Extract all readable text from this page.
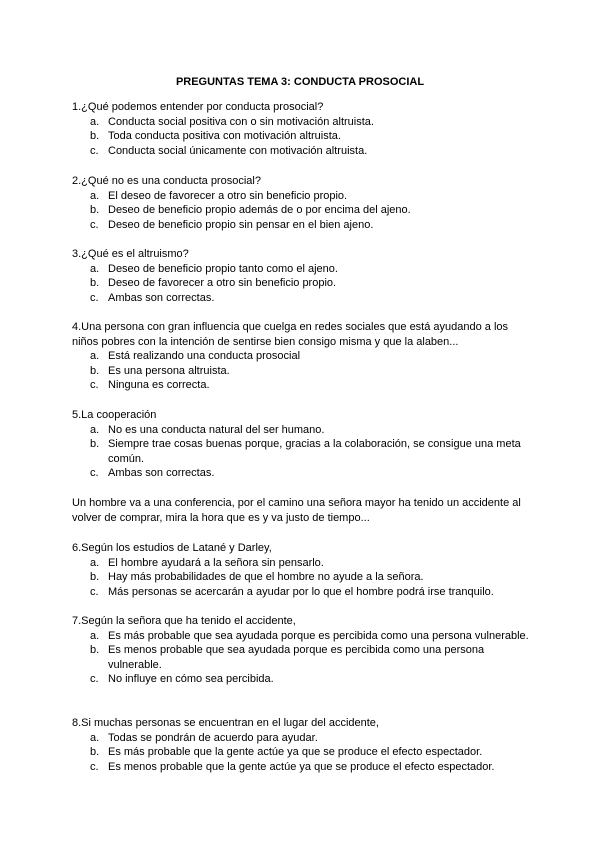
PREGUNTAS TEMA 3: CONDUCTA PROSOCIAL

1.¿Qué podemos entender por conducta prosocial?

a. Conducta social positiva con o sin motivación altruista.
b. Toda conducta positiva con motivación altruista.
c. Conducta social únicamente con motivación altruista.

2.¿Qué no es una conducta prosocial?

a. El deseo de favorecer a otro sin beneficio propio.
b. Deseo de beneficio propio además de o por encima del ajeno.
c. Deseo de beneficio propio sin pensar en el bien ajeno.

3.¿Qué es el altruismo?

a. Deseo de beneficio propio tanto como el ajeno.
b. Deseo de favorecer a otro sin beneficio propio.
c. Ambas son correctas.

4.Una persona con gran influencia que cuelga en redes sociales que está ayudando a los niños pobres con la intención de sentirse bien consigo misma y que la alaben...

a. Está realizando una conducta prosocial
b. Es una persona altruista.
c. Ninguna es correcta.

5.La cooperación

a. No es una conducta natural del ser humano.
b. Siempre trae cosas buenas porque, gracias a la colaboración, se consigue una meta común.
c. Ambas son correctas.

Un hombre va a una conferencia, por el camino una señora mayor ha tenido un accidente al volver de comprar, mira la hora que es y va justo de tiempo...

6.Según los estudios de Latané y Darley,

a. El hombre ayudará a la señora sin pensarlo.
b. Hay más probabilidades de que el hombre no ayude a la señora.
c. Más personas se acercarán a ayudar por lo que el hombre podrá irse tranquilo.

7.Según la señora que ha tenido el accidente,

a. Es más probable que sea ayudada porque es percibida como una persona vulnerable.
b. Es menos probable que sea ayudada porque es percibida como una persona vulnerable.
c. No influye en cómo sea percibida.

8.Si muchas personas se encuentran en el lugar del accidente,

a. Todas se pondrán de acuerdo para ayudar.
b. Es más probable que la gente actúe ya que se produce el efecto espectador.
c. Es menos probable que la gente actúe ya que se produce el efecto espectador.
